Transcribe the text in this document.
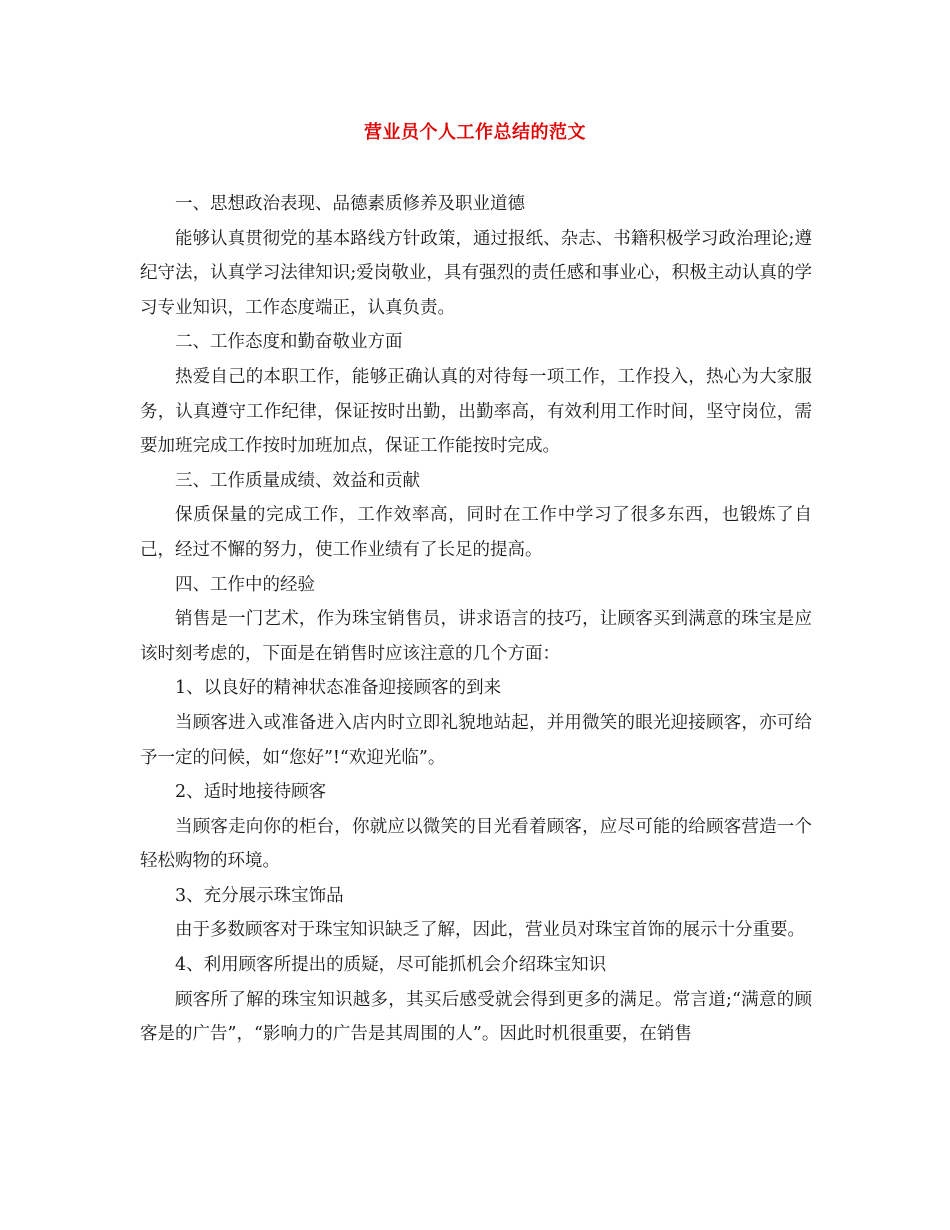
营业员个人工作总结的范文

一、思想政治表现、品德素质修养及职业道德

能够认真贯彻党的基本路线方针政策，通过报纸、杂志、书籍积极学习政治理论;遵纪守法，认真学习法律知识;爱岗敬业，具有强烈的责任感和事业心，积极主动认真的学习专业知识，工作态度端正，认真负责。

二、工作态度和勤奋敬业方面

热爱自己的本职工作，能够正确认真的对待每一项工作，工作投入，热心为大家服务，认真遵守工作纪律，保证按时出勤，出勤率高，有效利用工作时间，坚守岗位，需要加班完成工作按时加班加点，保证工作能按时完成。

三、工作质量成绩、效益和贡献

保质保量的完成工作，工作效率高，同时在工作中学习了很多东西，也锻炼了自己，经过不懈的努力，使工作业绩有了长足的提高。

四、工作中的经验

销售是一门艺术，作为珠宝销售员，讲求语言的技巧，让顾客买到满意的珠宝是应该时刻考虑的，下面是在销售时应该注意的几个方面：

1、以良好的精神状态准备迎接顾客的到来

当顾客进入或准备进入店内时立即礼貌地站起，并用微笑的眼光迎接顾客，亦可给予一定的问候，如“您好”!“欢迎光临”。

2、适时地接待顾客

当顾客走向你的柜台，你就应以微笑的目光看着顾客，应尽可能的给顾客营造一个轻松购物的环境。

3、充分展示珠宝饰品

由于多数顾客对于珠宝知识缺乏了解，因此，营业员对珠宝首饰的展示十分重要。

4、利用顾客所提出的质疑，尽可能抓机会介绍珠宝知识

顾客所了解的珠宝知识越多，其买后感受就会得到更多的满足。常言道;“满意的顾客是的广告”，“影响力的广告是其周围的人”。因此时机很重要，在销售
